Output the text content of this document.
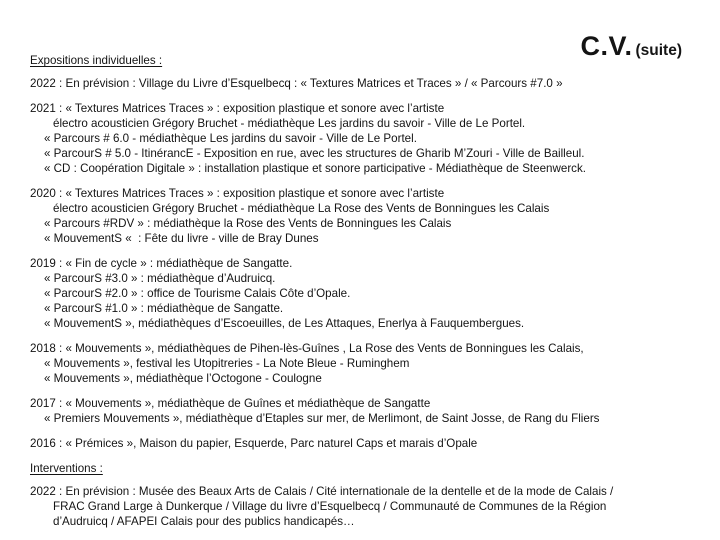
C.V. (suite)
Expositions individuelles :
2022 : En prévision : Village du Livre d’Esquelbecq : « Textures Matrices et Traces » / « Parcours #7.0 »
2021 : « Textures Matrices Traces » : exposition plastique et sonore avec l’artiste
électro acousticien Grégory Bruchet - médiathèque Les jardins du savoir - Ville de Le Portel.
« Parcours # 6.0 - médiathèque Les jardins du savoir - Ville de Le Portel.
« ParcourS # 5.0 - ItinérancE - Exposition en rue, avec les structures de Gharib M’Zouri - Ville de Bailleul.
« CD : Coopération Digitale » : installation plastique et sonore participative - Médiathèque de Steenwerck.
2020 : « Textures Matrices Traces » : exposition plastique et sonore avec l’artiste
électro acousticien Grégory Bruchet - médiathèque La Rose des Vents de Bonningues les Calais
« Parcours #RDV » : médiathèque la Rose des Vents de Bonningues les Calais
« MouvementS «  : Fête du livre - ville de Bray Dunes
2019 : « Fin de cycle » : médiathèque de Sangatte.
« ParcourS #3.0 » : médiathèque d’Audruicq.
« ParcourS #2.0 » : office de Tourisme Calais Côte d’Opale.
« ParcourS #1.0 » : médiathèque de Sangatte.
« MouvementS », médiathèques d’Escoeuilles, de Les Attaques, Enerlya à Fauquembergues.
2018 : « Mouvements », médiathèques de Pihen-lès-Guînes , La Rose des Vents de Bonningues les Calais,
« Mouvements », festival les Utopitreries - La Note Bleue - Ruminghem
« Mouvements », médiathèque l’Octogone - Coulogne
2017 : « Mouvements », médiathèque de Guînes et médiathèque de Sangatte
« Premiers Mouvements », médiathèque d’Etaples sur mer, de Merlimont, de Saint Josse, de Rang du Fliers
2016 : « Prémices », Maison du papier, Esquerde, Parc naturel Caps et marais d’Opale
Interventions :
2022 : En prévision : Musée des Beaux Arts de Calais / Cité internationale de la dentelle et de la mode de Calais /
FRAC Grand Large à Dunkerque / Village du livre d’Esquelbecq / Communauté de Communes de la Région
d’Audruicq / AFAPEI Calais pour des publics handicapés…
